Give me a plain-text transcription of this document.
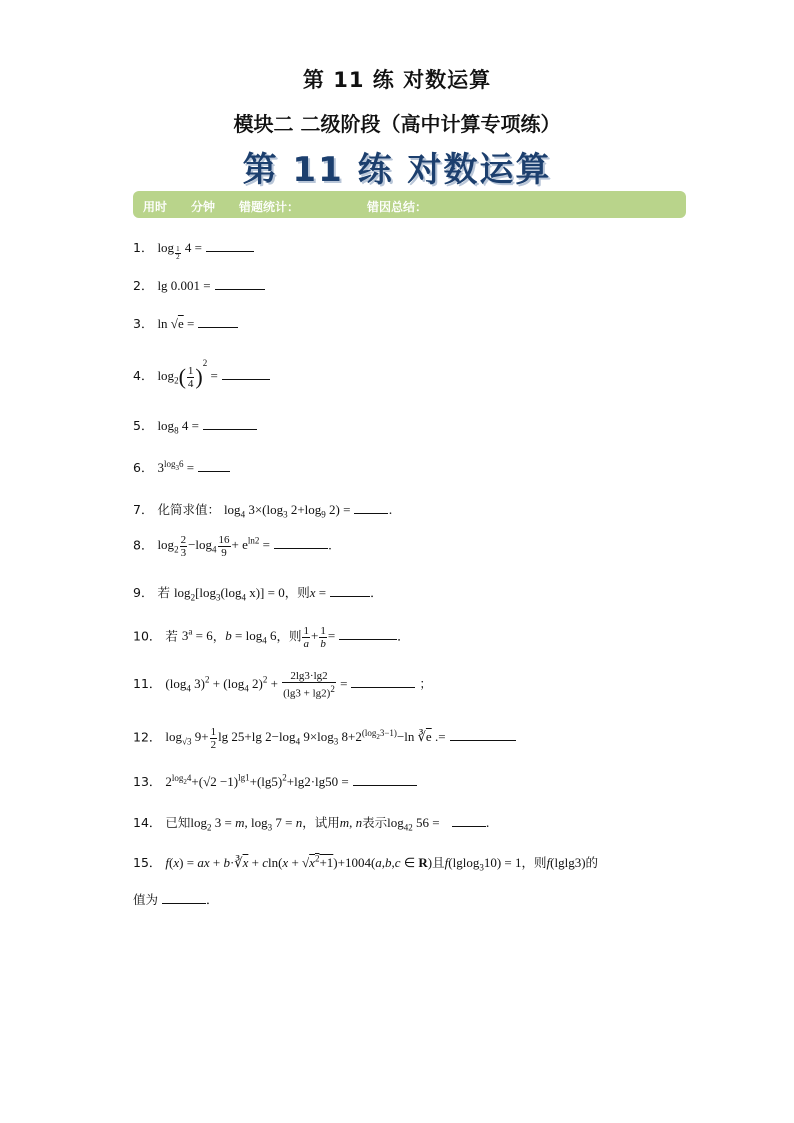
第 11 练 对数运算
模块二 二级阶段（高中计算专项练）
第 11 练 对数运算
用时 分钟 错题统计：	错因总结：
1． log $_{\frac{1}{2}}$ 4 =
2． lg 0.001 =
3． ln √e =
4． $\log_2( \frac{1}{4} )^2$ =
5． $\log_8 4$ =
6． $3^{log_36}$ =
7． 化简求值： $\log_4 3\times(\log_3$ $2+\log_9$ 2) =	.
8． $\log_2 \frac{2}{3} -\log_4 \frac{16}{9} + e^{ln2}$ =	.
9． 若 $\log_2[\log_3(\log_4$ x)] = 0，则x =	．
10． 若 $3^a = 6$，$b = \log_4 6$，则 $\frac{1}{a} + \frac{1}{b}$ =	．
11． ($\log_4$ $3)^2 + (\log_4$ $2)^2 + \frac{2\lg 3\cdot\lg 2}{(\lg 3 + \lg 2)^2}$ =	；
12． $\log_{√3} 9+ \frac{1}{2}$ lg 25+lg $2-\log_4$ $9\times\log_3$ $8+2^{(log_23-1)}-\ln$ $∛\overline{e}$ .=
13． $2^{log_24}+(√2 -1)^{lg1}+(\lg 5)^2+\lg 2\cdot\lg 50$ =
14． 已知$\log_2 3 = m$, $\log_3 7 = n$，试用m, n表示$\log_{42} 56$ =	.
15． f(x) = ax + $b\cdot∛\overline{x} + cln(x + √x^2+1)+1004(a,b,c$ ∈ R)且f(lglog$_3$10) = 1，则f(lglg3)的
值为	．
